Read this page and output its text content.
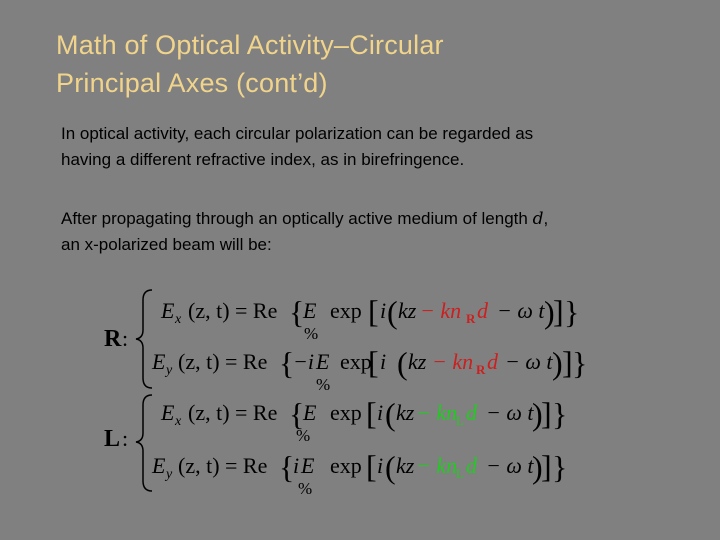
Math of Optical Activity–Circular
Principal Axes (cont’d)
In optical activity, each circular polarization can be regarded as
having a different refractive index, as in birefringence.
After propagating through an optically active medium of length d,
an x-polarized beam will be:
R :
E x (z, t) = Re {
E
%
exp [ i ( kz − kn R d − ω t )
] }
E y (z, t) = Re {
−i E
%
exp
[ i ( kz − kn R d − ω t ) ] }
L :
E x (z, t) = Re {
E
%
exp [ i ( kz − kn
L d − ω t
)
] }
E y (z, t) = Re {
i E
%
exp [ i ( kz − kn
L d − ω t
)
] }
